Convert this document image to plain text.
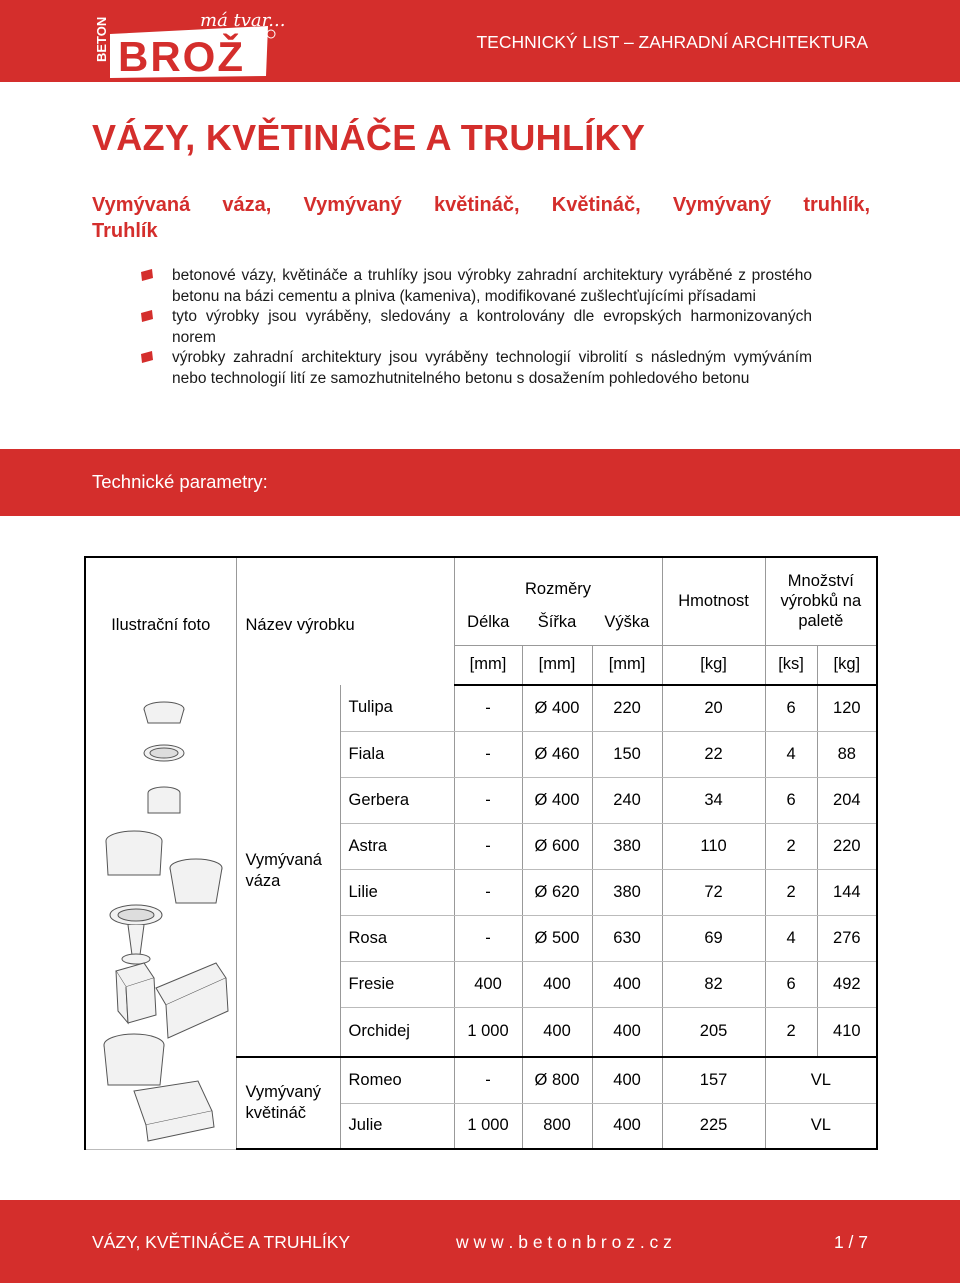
BETON BROŽ
má tvar...
TECHNICKÝ LIST – ZAHRADNÍ ARCHITEKTURA
VÁZY, KVĚTINÁČE A TRUHLÍKY
Vymývaná váza, Vymývaný květináč, Květináč, Vymývaný truhlík,
Truhlík
betonové vázy, květináče a truhlíky jsou výrobky zahradní architektury vyráběné z prostého betonu na bázi cementu a plniva (kameniva), modifikované zušlechťujícími přísadami
tyto výrobky jsou vyráběny, sledovány a kontrolovány dle evropských harmonizovaných norem
výrobky zahradní architektury jsou vyráběny technologií vibrolití s následným vymýváním nebo technologií lití ze samozhutnitelného betonu s dosažením pohledového betonu
Technické parametry:
Ilustrační foto	Název výrobku		Rozměry			Hmotnost	Množství výrobků na paletě	
			Délka	Šířka	Výška			
			[mm]	[mm]	[mm]	[kg]	[ks]	[kg]

	Vymývaná váza	Tulipa	-	Ø 400	220	20	6	120
		Fiala	-	Ø 460	150	22	4	88
		Gerbera	-	Ø 400	240	34	6	204
		Astra	-	Ø 600	380	110	2	220
		Lilie	-	Ø 620	380	72	2	144
		Rosa	-	Ø 500	630	69	4	276
		Fresie	400	400	400	82	6	492
		Orchidej	1 000	400	400	205	2	410
	Vymývaný květináč	Romeo	-	Ø 800	400	157	VL	
		Julie	1 000	800	400	225	VL	
VÁZY, KVĚTINÁČE A TRUHLÍKY	w w w . b e t o n b r o z . c z	1 / 7
